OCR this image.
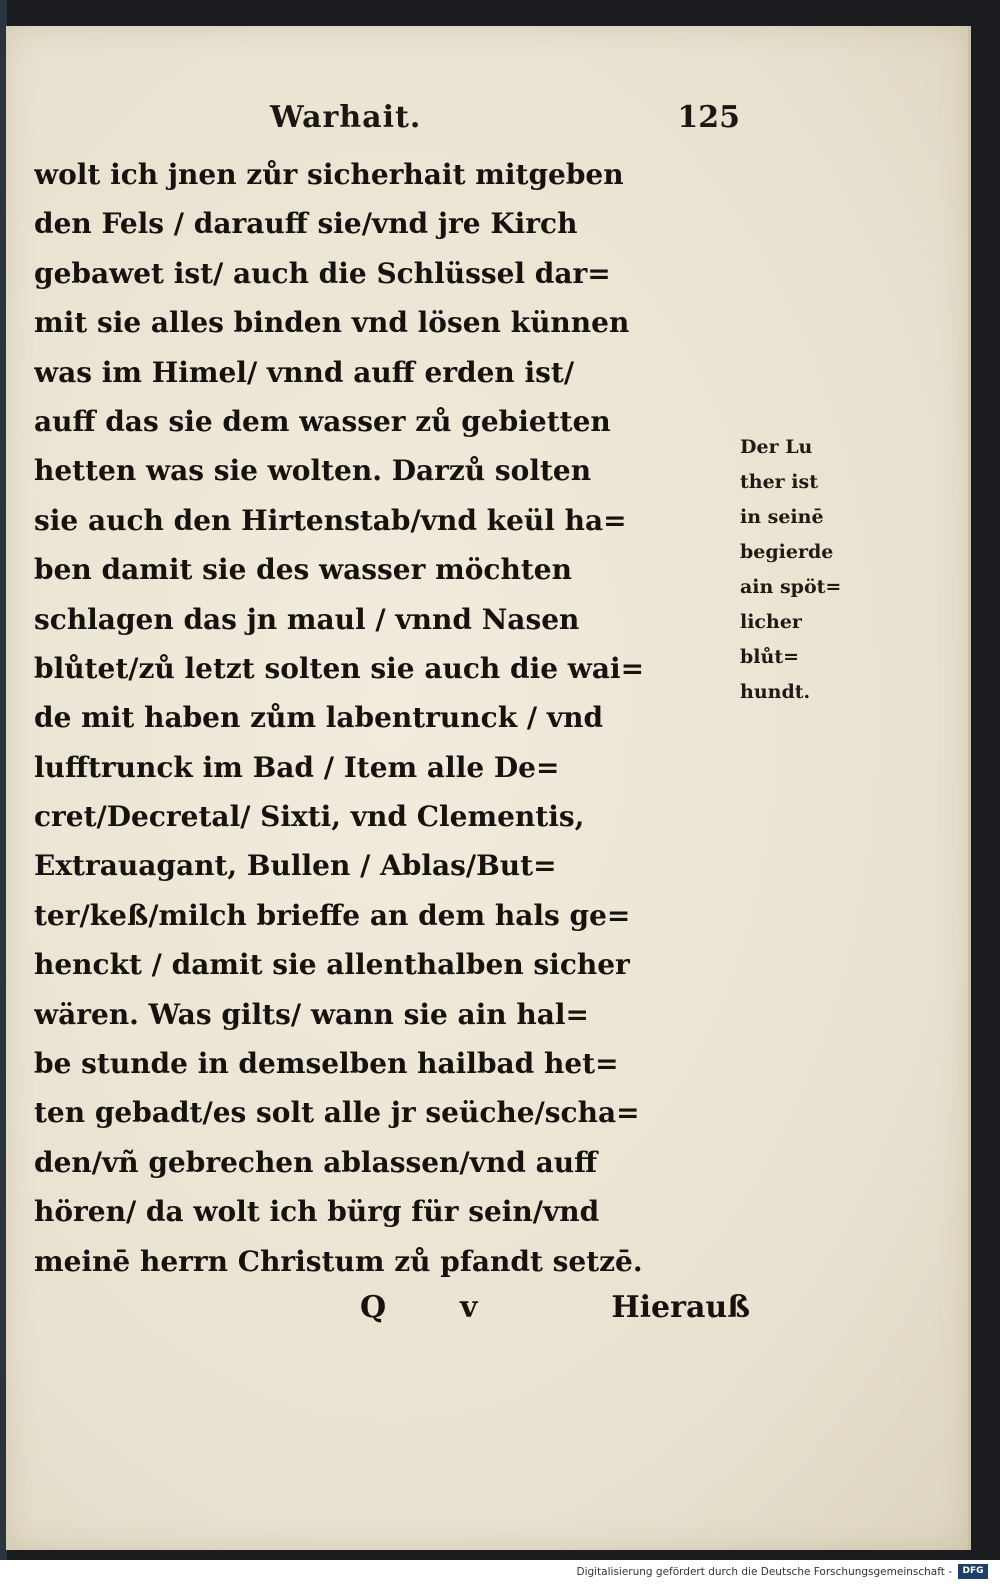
Warhait.	125
wolt ich jnen zůr sicherhait mitgeben
den Fels / darauff sie/vnd jre Kirch
gebawet ist/ auch die Schlüssel dar=
mit sie alles binden vnd lösen künnen
was im Himel/ vnnd auff erden ist/
auff das sie dem wasser zů gebietten
hetten was sie wolten. Darzů solten
sie auch den Hirtenstab/vnd keül ha=
ben damit sie des wasser möchten
schlagen das jn maul / vnnd Nasen
blůtet/zů letzt solten sie auch die wai=
de mit haben zům labentrunck / vnd
lufftrunck im Bad / Item alle De=
cret/Decretal/ Sixti, vnd Clementis,
Extrauagant, Bullen / Ablas/But=
ter/keß/milch brieffe an dem hals ge=
henckt / damit sie allenthalben sicher
wären. Was gilts/ wann sie ain hal=
be stunde in demselben hailbad het=
ten gebadt/es solt alle jr seüche/scha=
den/vñ gebrechen ablassen/vnd auff
hören/ da wolt ich bürg für sein/vnd
meinē herrn Christum zů pfandt setzē.
Q v	Hierauß
Der Lu
ther ist
in seinē
begierde
ain spöt=
licher
blůt=
hundt.
Digitalisierung gefördert durch die Deutsche Forschungsgemeinschaft -	DFG
